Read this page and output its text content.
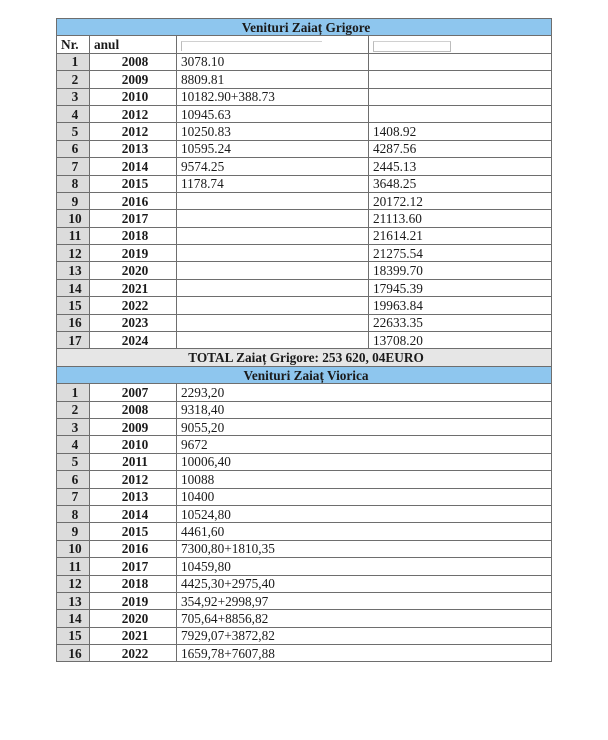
Venituri Zaiaț Grigore			
Nr.	anul		
1	2008	3078.10	
2	2009	8809.81	
3	2010	10182.90+388.73	
4	2012	10945.63	
5	2012	10250.83	1408.92
6	2013	10595.24	4287.56
7	2014	9574.25	2445.13
8	2015	1178.74	3648.25
9	2016		20172.12
10	2017		21113.60
11	2018		21614.21
12	2019		21275.54
13	2020		18399.70
14	2021		17945.39
15	2022		19963.84
16	2023		22633.35
17	2024		13708.20
TOTAL Zaiaț Grigore: 253 620, 04EURO			
Venituri Zaiaț Viorica			
1	2007	2293,20	
2	2008	9318,40	
3	2009	9055,20	
4	2010	9672	
5	2011	10006,40	
6	2012	10088	
7	2013	10400	
8	2014	10524,80	
9	2015	4461,60	
10	2016	7300,80+1810,35	
11	2017	10459,80	
12	2018	4425,30+2975,40	
13	2019	354,92+2998,97	
14	2020	705,64+8856,82	
15	2021	7929,07+3872,82	
16	2022	1659,78+7607,88	
